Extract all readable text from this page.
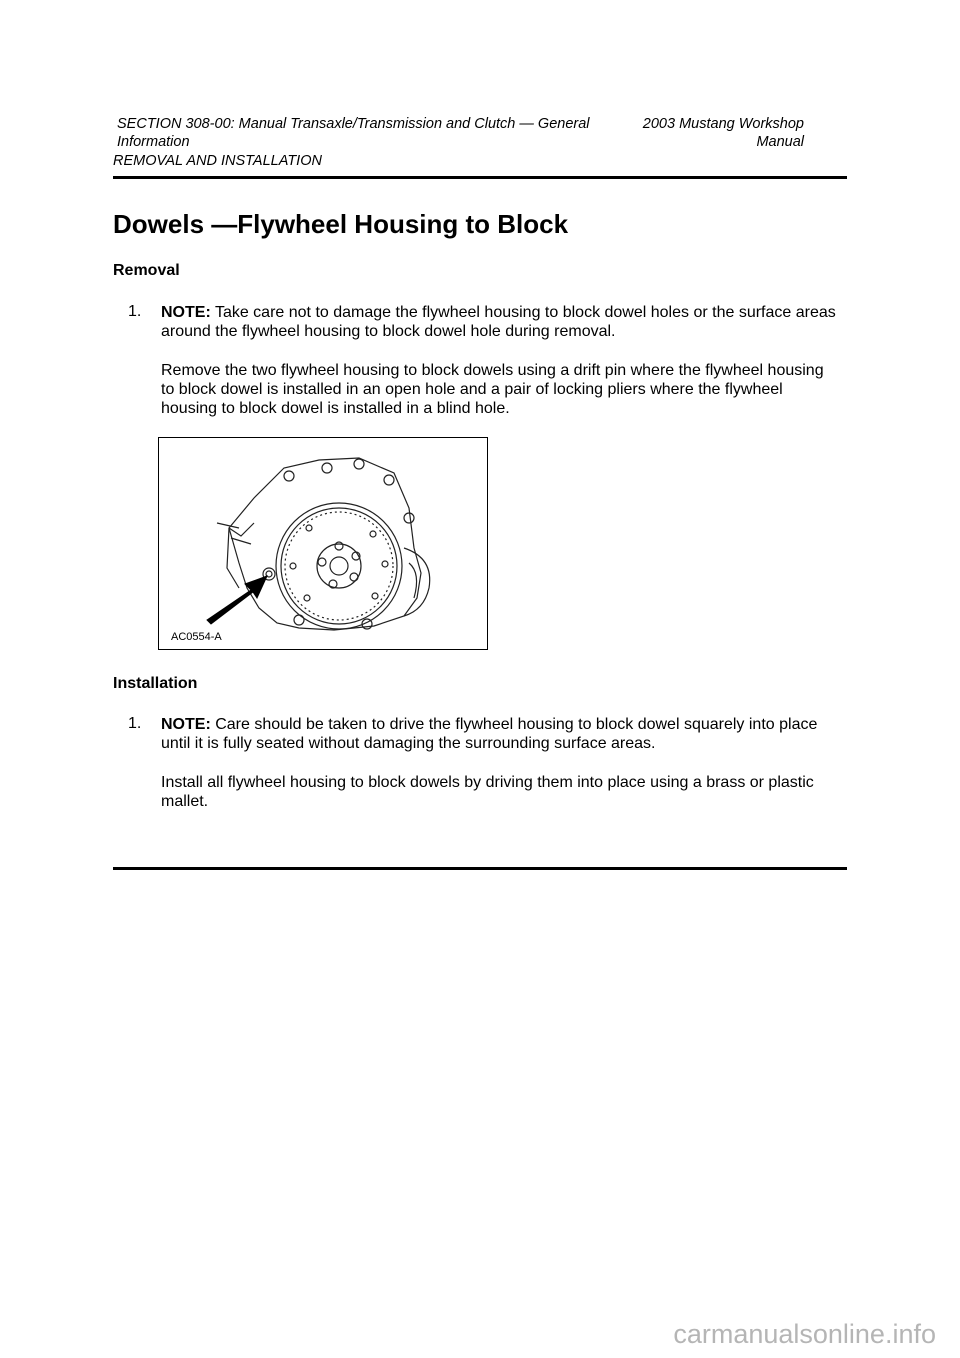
SECTION 308-00: Manual Transaxle/Transmission and Clutch — General
Information
2003 Mustang Workshop
Manual
REMOVAL AND INSTALLATION
Dowels —Flywheel Housing to Block
Removal
1. NOTE: Take care not to damage the flywheel housing to block dowel holes or the surface areas around the flywheel housing to block dowel hole during removal.

Remove the two flywheel housing to block dowels using a drift pin where the flywheel housing to block dowel is installed in an open hole and a pair of locking pliers where the flywheel housing to block dowel is installed in a blind hole.

AC0554-A
Installation
1. NOTE: Care should be taken to drive the flywheel housing to block dowel squarely into place until it is fully seated without damaging the surrounding surface areas.

Install all flywheel housing to block dowels by driving them into place using a brass or plastic mallet.

carmanualsonline.info
